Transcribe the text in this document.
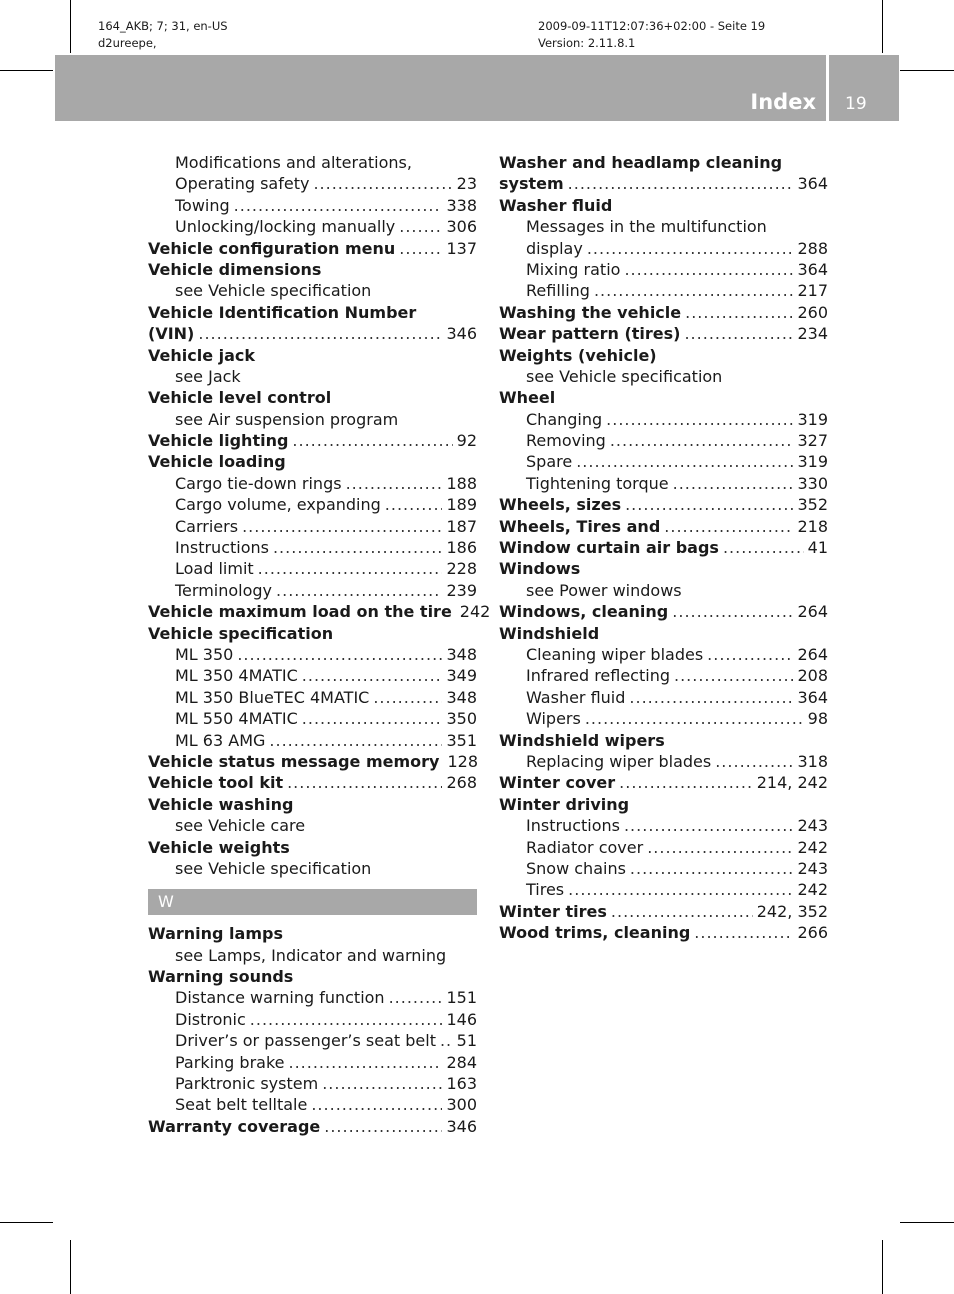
164_AKB; 7; 31, en-US
d2ureepe,
2009-09-11T12:07:36+02:00 - Seite 19
Version: 2.11.8.1
Index 19
Modifications and alterations,
Operating safety .....	23
Towing .....	338
Unlocking/locking manually .....	306
Vehicle configuration menu .....	137
Vehicle dimensions
see Vehicle specification
Vehicle Identification Number
(VIN) .....	346
Vehicle jack
see Jack
Vehicle level control
see Air suspension program
Vehicle lighting .....	92
Vehicle loading
Cargo tie-down rings .....	188
Cargo volume, expanding .....	189
Carriers .....	187
Instructions .....	186
Load limit .....	228
Terminology .....	239
Vehicle maximum load on the tire 242
Vehicle specification
ML 350 .....	348
ML 350 4MATIC .....	349
ML 350 BlueTEC 4MATIC .....	348
ML 550 4MATIC .....	350
ML 63 AMG .....	351
Vehicle status message memory 128
Vehicle tool kit .....	268
Vehicle washing
see Vehicle care
Vehicle weights
see Vehicle specification
W
Warning lamps
see Lamps, Indicator and warning
Warning sounds
Distance warning function .....	151
Distronic .....	146
Driver’s or passenger’s seat belt ..... 51
Parking brake .....	284
Parktronic system .....	163
Seat belt telltale .....	300
Warranty coverage .....	346
Washer and headlamp cleaning
system .....	364
Washer fluid
Messages in the multifunction
display .....	288
Mixing ratio .....	364
Refilling .....	217
Washing the vehicle .....	260
Wear pattern (tires) .....	234
Weights (vehicle)
see Vehicle specification
Wheel
Changing .....	319
Removing .....	327
Spare .....	319
Tightening torque .....	330
Wheels, sizes .....	352
Wheels, Tires and .....	218
Window curtain air bags .....	41
Windows
see Power windows
Windows, cleaning .....	264
Windshield
Cleaning wiper blades .....	264
Infrared reflecting .....	208
Washer fluid .....	364
Wipers .....	98
Windshield wipers
Replacing wiper blades .....	318
Winter cover .....	214, 242
Winter driving
Instructions .....	243
Radiator cover .....	242
Snow chains .....	243
Tires .....	242
Winter tires .....	242, 352
Wood trims, cleaning .....	266
